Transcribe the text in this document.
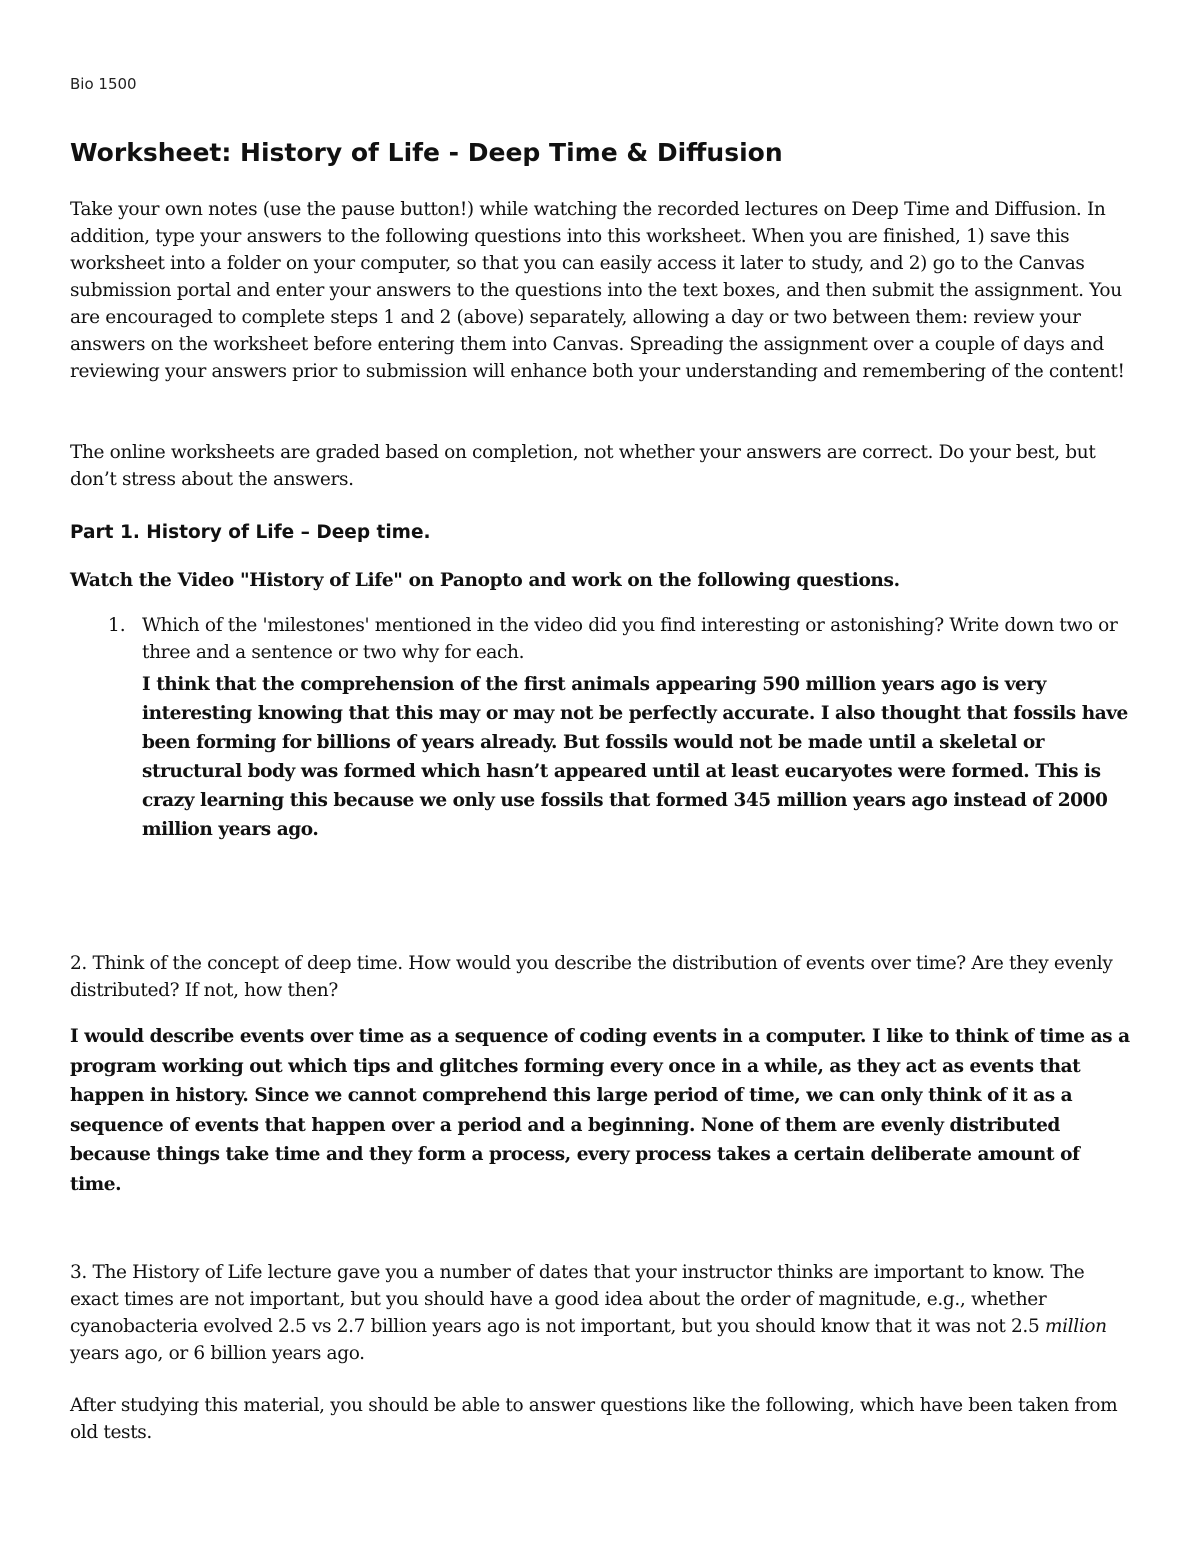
Bio 1500
Worksheet: History of Life - Deep Time & Diffusion

Take your own notes (use the pause button!) while watching the recorded lectures on Deep Time and Diffusion. In addition, type your answers to the following questions into this worksheet. When you are finished, 1) save this worksheet into a folder on your computer, so that you can easily access it later to study, and 2) go to the Canvas submission portal and enter your answers to the questions into the text boxes, and then submit the assignment. You are encouraged to complete steps 1 and 2 (above) separately, allowing a day or two between them: review your answers on the worksheet before entering them into Canvas. Spreading the assignment over a couple of days and reviewing your answers prior to submission will enhance both your understanding and remembering of the content!

The online worksheets are graded based on completion, not whether your answers are correct. Do your best, but don’t stress about the answers.

Part 1. History of Life – Deep time.

Watch the Video "History of Life" on Panopto and work on the following questions.

1. Which of the 'milestones' mentioned in the video did you find interesting or astonishing? Write down two or three and a sentence or two why for each.

I think that the comprehension of the first animals appearing 590 million years ago is very interesting knowing that this may or may not be perfectly accurate. I also thought that fossils have been forming for billions of years already. But fossils would not be made until a skeletal or structural body was formed which hasn’t appeared until at least eucaryotes were formed. This is crazy learning this because we only use fossils that formed 345 million years ago instead of 2000 million years ago.

2. Think of the concept of deep time. How would you describe the distribution of events over time? Are they evenly distributed? If not, how then?

I would describe events over time as a sequence of coding events in a computer. I like to think of time as a program working out which tips and glitches forming every once in a while, as they act as events that happen in history. Since we cannot comprehend this large period of time, we can only think of it as a sequence of events that happen over a period and a beginning. None of them are evenly distributed because things take time and they form a process, every process takes a certain deliberate amount of time.

3. The History of Life lecture gave you a number of dates that your instructor thinks are important to know. The exact times are not important, but you should have a good idea about the order of magnitude, e.g., whether cyanobacteria evolved 2.5 vs 2.7 billion years ago is not important, but you should know that it was not 2.5 million years ago, or 6 billion years ago.

After studying this material, you should be able to answer questions like the following, which have been taken from old tests.
